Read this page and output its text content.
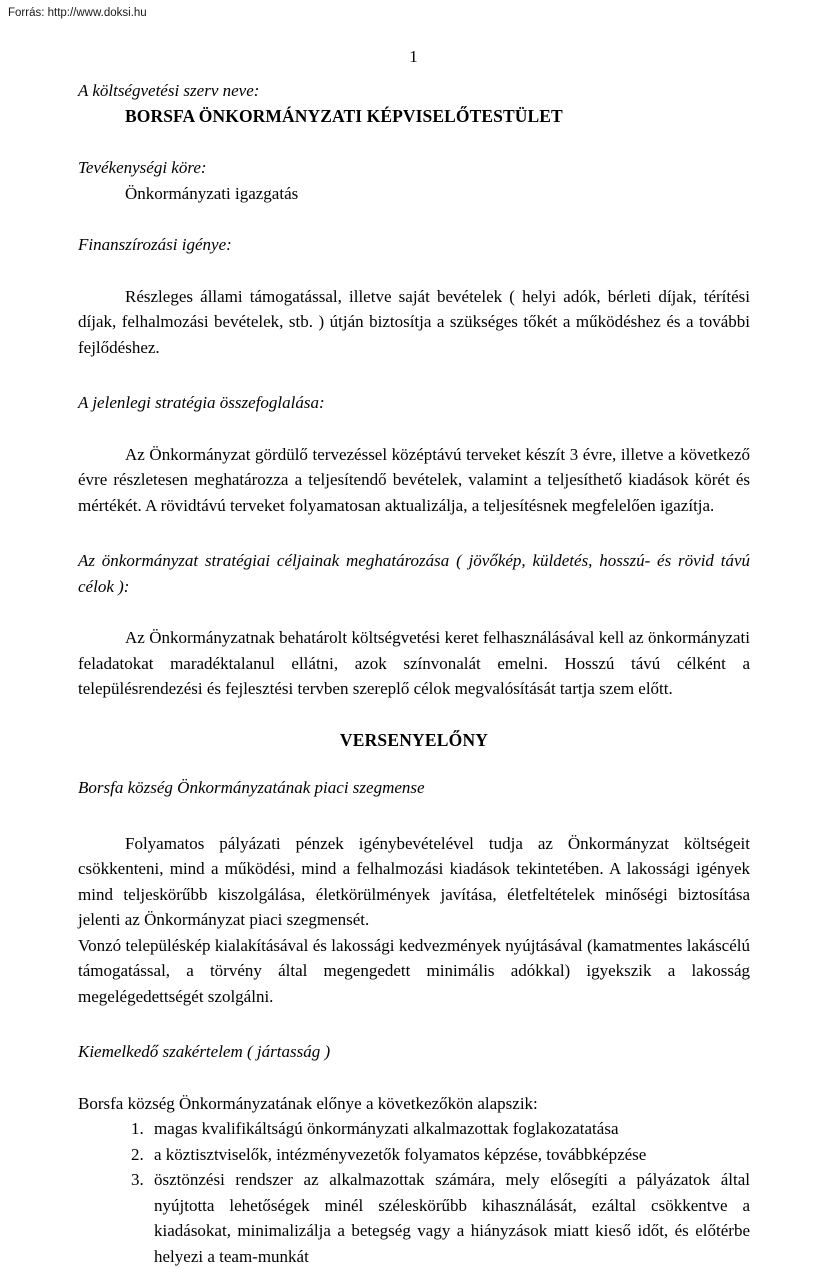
Forrás: http://www.doksi.hu
1

A költségvetési szerv neve:

BORSFA ÖNKORMÁNYZATI KÉPVISELŐTESTÜLET

Tevékenységi köre:

Önkormányzati igazgatás

Finanszírozási igénye:

Részleges állami támogatással, illetve saját bevételek ( helyi adók, bérleti díjak, térítési díjak, felhalmozási bevételek, stb. ) útján biztosítja a szükséges tőkét a működéshez és a további fejlődéshez.

A jelenlegi stratégia összefoglalása:

Az Önkormányzat gördülő tervezéssel középtávú terveket készít 3 évre, illetve a következő évre részletesen meghatározza a teljesítendő bevételek, valamint a teljesíthető kiadások körét és mértékét. A rövidtávú terveket folyamatosan aktualizálja, a teljesítésnek megfelelően igazítja.

Az önkormányzat stratégiai céljainak meghatározása ( jövőkép, küldetés, hosszú- és rövid távú célok ):

Az Önkormányzatnak behatárolt költségvetési keret felhasználásával kell az önkormányzati feladatokat maradéktalanul ellátni, azok színvonalát emelni. Hosszú távú célként a településrendezési és fejlesztési tervben szereplő célok megvalósítását tartja szem előtt.

VERSENYELŐNY

Borsfa község Önkormányzatának piaci szegmense

Folyamatos pályázati pénzek igénybevételével tudja az Önkormányzat költségeit csökkenteni, mind a működési, mind a felhalmozási kiadások tekintetében. A lakossági igények mind teljeskörűbb kiszolgálása, életkörülmények javítása, életfeltételek minőségi biztosítása jelenti az Önkormányzat piaci szegmensét.

Vonzó településkép kialakításával és lakossági kedvezmények nyújtásával (kamatmentes lakáscélú támogatással, a törvény által megengedett minimális adókkal) igyekszik a lakosság megelégedettségét szolgálni.

Kiemelkedő szakértelem ( jártasság )

Borsfa község Önkormányzatának előnye a következőkön alapszik:

1. magas kvalifikáltságú önkormányzati alkalmazottak foglakozatatása
2. a köztisztviselők, intézményvezetők folyamatos képzése, továbbképzése
3. ösztönzési rendszer az alkalmazottak számára, mely elősegíti a pályázatok által nyújtotta lehetőségek minél széleskörűbb kihasználását, ezáltal csökkentve a kiadásokat, minimalizálja a betegség vagy a hiányzások miatt kieső időt, és előtérbe helyezi a team-munkát
